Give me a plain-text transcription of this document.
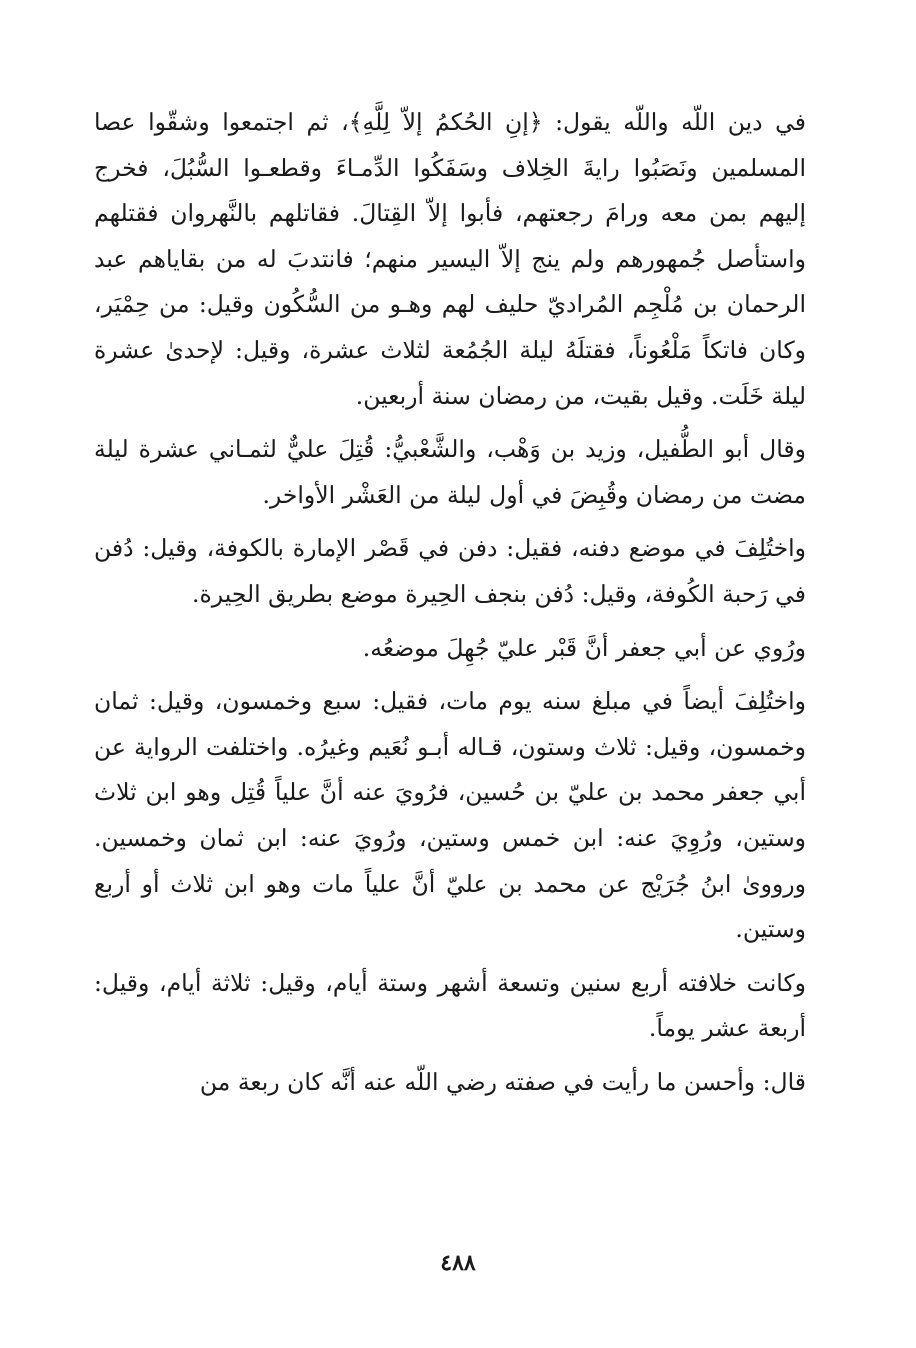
في دين اللّه واللّه يقول: ﴿إنِ الحُكمُ إلاّ لِلَّهِ﴾، ثم اجتمعوا وشقّوا عصا المسلمين ونَصَبُوا رايةَ الخِلاف وسَفَكُوا الدِّمـاءَ وقطعـوا السُّبُلَ، فخرج إليهم بمن معه ورامَ رجعتهم، فأبوا إلاّ القِتالَ. فقاتلهم بالنَّهروان فقتلهم واستأصل جُمهورهم ولم ينج إلاّ اليسير منهم؛ فانتدبَ له من بقاياهم عبد الرحمان بن مُلْجِم المُراديّ حليف لهم وهـو من السُّكُون وقيل: من حِمْيَر، وكان فاتكاً مَلْعُوناً، فقتلَهُ ليلة الجُمُعة لثلاث عشرة، وقيل: لإحدىٰ عشرة ليلة خَلَت. وقيل بقيت، من رمضان سنة أربعين.

وقال أبو الطُّفيل، وزيد بن وَهْب، والشَّعْبيُّ: قُتِلَ عليٌّ لثمـاني عشرة ليلة مضت من رمضان وقُبِضَ في أول ليلة من العَشْر الأواخر.

واختُلِفَ في موضع دفنه، فقيل: دفن في قَصْر الإمارة بالكوفة، وقيل: دُفن في رَحبة الكُوفة، وقيل: دُفن بنجف الحِيرة موضع بطريق الحِيرة.

ورُوي عن أبي جعفر أنَّ قَبْر عليّ جُهِلَ موضعُه.

واختُلِفَ أيضاً في مبلغ سنه يوم مات، فقيل: سبع وخمسون، وقيل: ثمان وخمسون، وقيل: ثلاث وستون، قـاله أبـو نُعَيم وغيرُه. واختلفت الرواية عن أبي جعفر محمد بن عليّ بن حُسين، فرُويَ عنه أنَّ علياً قُتِل وهو ابن ثلاث وستين، ورُوِيَ عنه: ابن خمس وستين، ورُويَ عنه: ابن ثمان وخمسين. ورووىٰ ابنُ جُرَيْج عن محمد بن عليّ أنَّ علياً مات وهو ابن ثلاث أو أربع وستين.

وكانت خلافته أربع سنين وتسعة أشهر وستة أيام، وقيل: ثلاثة أيام، وقيل: أربعة عشر يوماً.

قال: وأحسن ما رأيت في صفته رضي اللّه عنه أنَّه كان ربعة من

٤٨٨
